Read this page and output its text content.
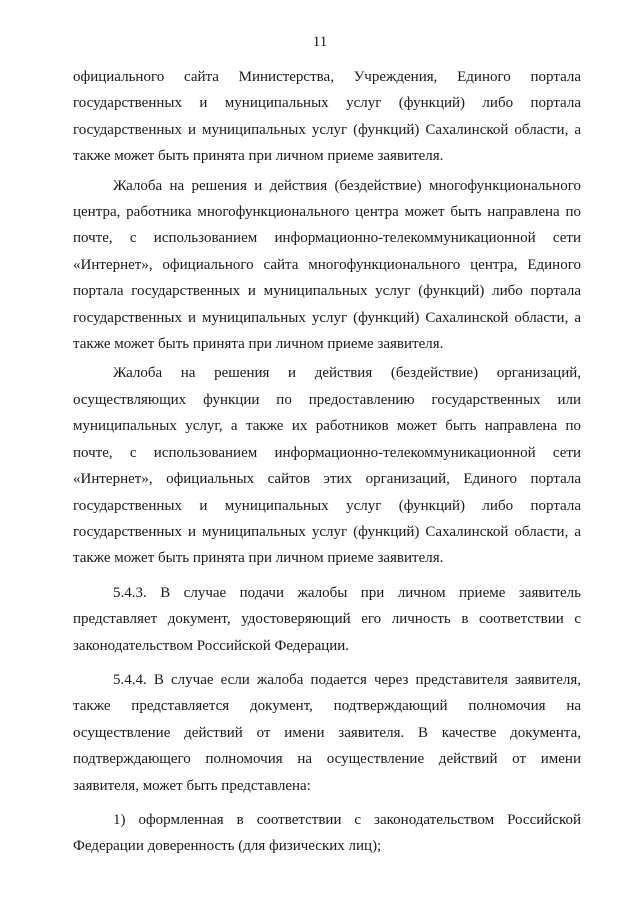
11

официального сайта Министерства, Учреждения, Единого портала государственных и муниципальных услуг (функций) либо портала государственных и муниципальных услуг (функций) Сахалинской области, а также может быть принята при личном приеме заявителя.

Жалоба на решения и действия (бездействие) многофункционального центра, работника многофункционального центра может быть направлена по почте, с использованием информационно-телекоммуникационной сети «Интернет», официального сайта многофункционального центра, Единого портала государственных и муниципальных услуг (функций) либо портала государственных и муниципальных услуг (функций) Сахалинской области, а также может быть принята при личном приеме заявителя.

Жалоба на решения и действия (бездействие) организаций, осуществляющих функции по предоставлению государственных или муниципальных услуг, а также их работников может быть направлена по почте, с использованием информационно-телекоммуникационной сети «Интернет», официальных сайтов этих организаций, Единого портала государственных и муниципальных услуг (функций) либо портала государственных и муниципальных услуг (функций) Сахалинской области, а также может быть принята при личном приеме заявителя.

5.4.3. В случае подачи жалобы при личном приеме заявитель представляет документ, удостоверяющий его личность в соответствии с законодательством Российской Федерации.

5.4.4. В случае если жалоба подается через представителя заявителя, также представляется документ, подтверждающий полномочия на осуществление действий от имени заявителя. В качестве документа, подтверждающего полномочия на осуществление действий от имени заявителя, может быть представлена:

1) оформленная в соответствии с законодательством Российской Федерации доверенность (для физических лиц);
